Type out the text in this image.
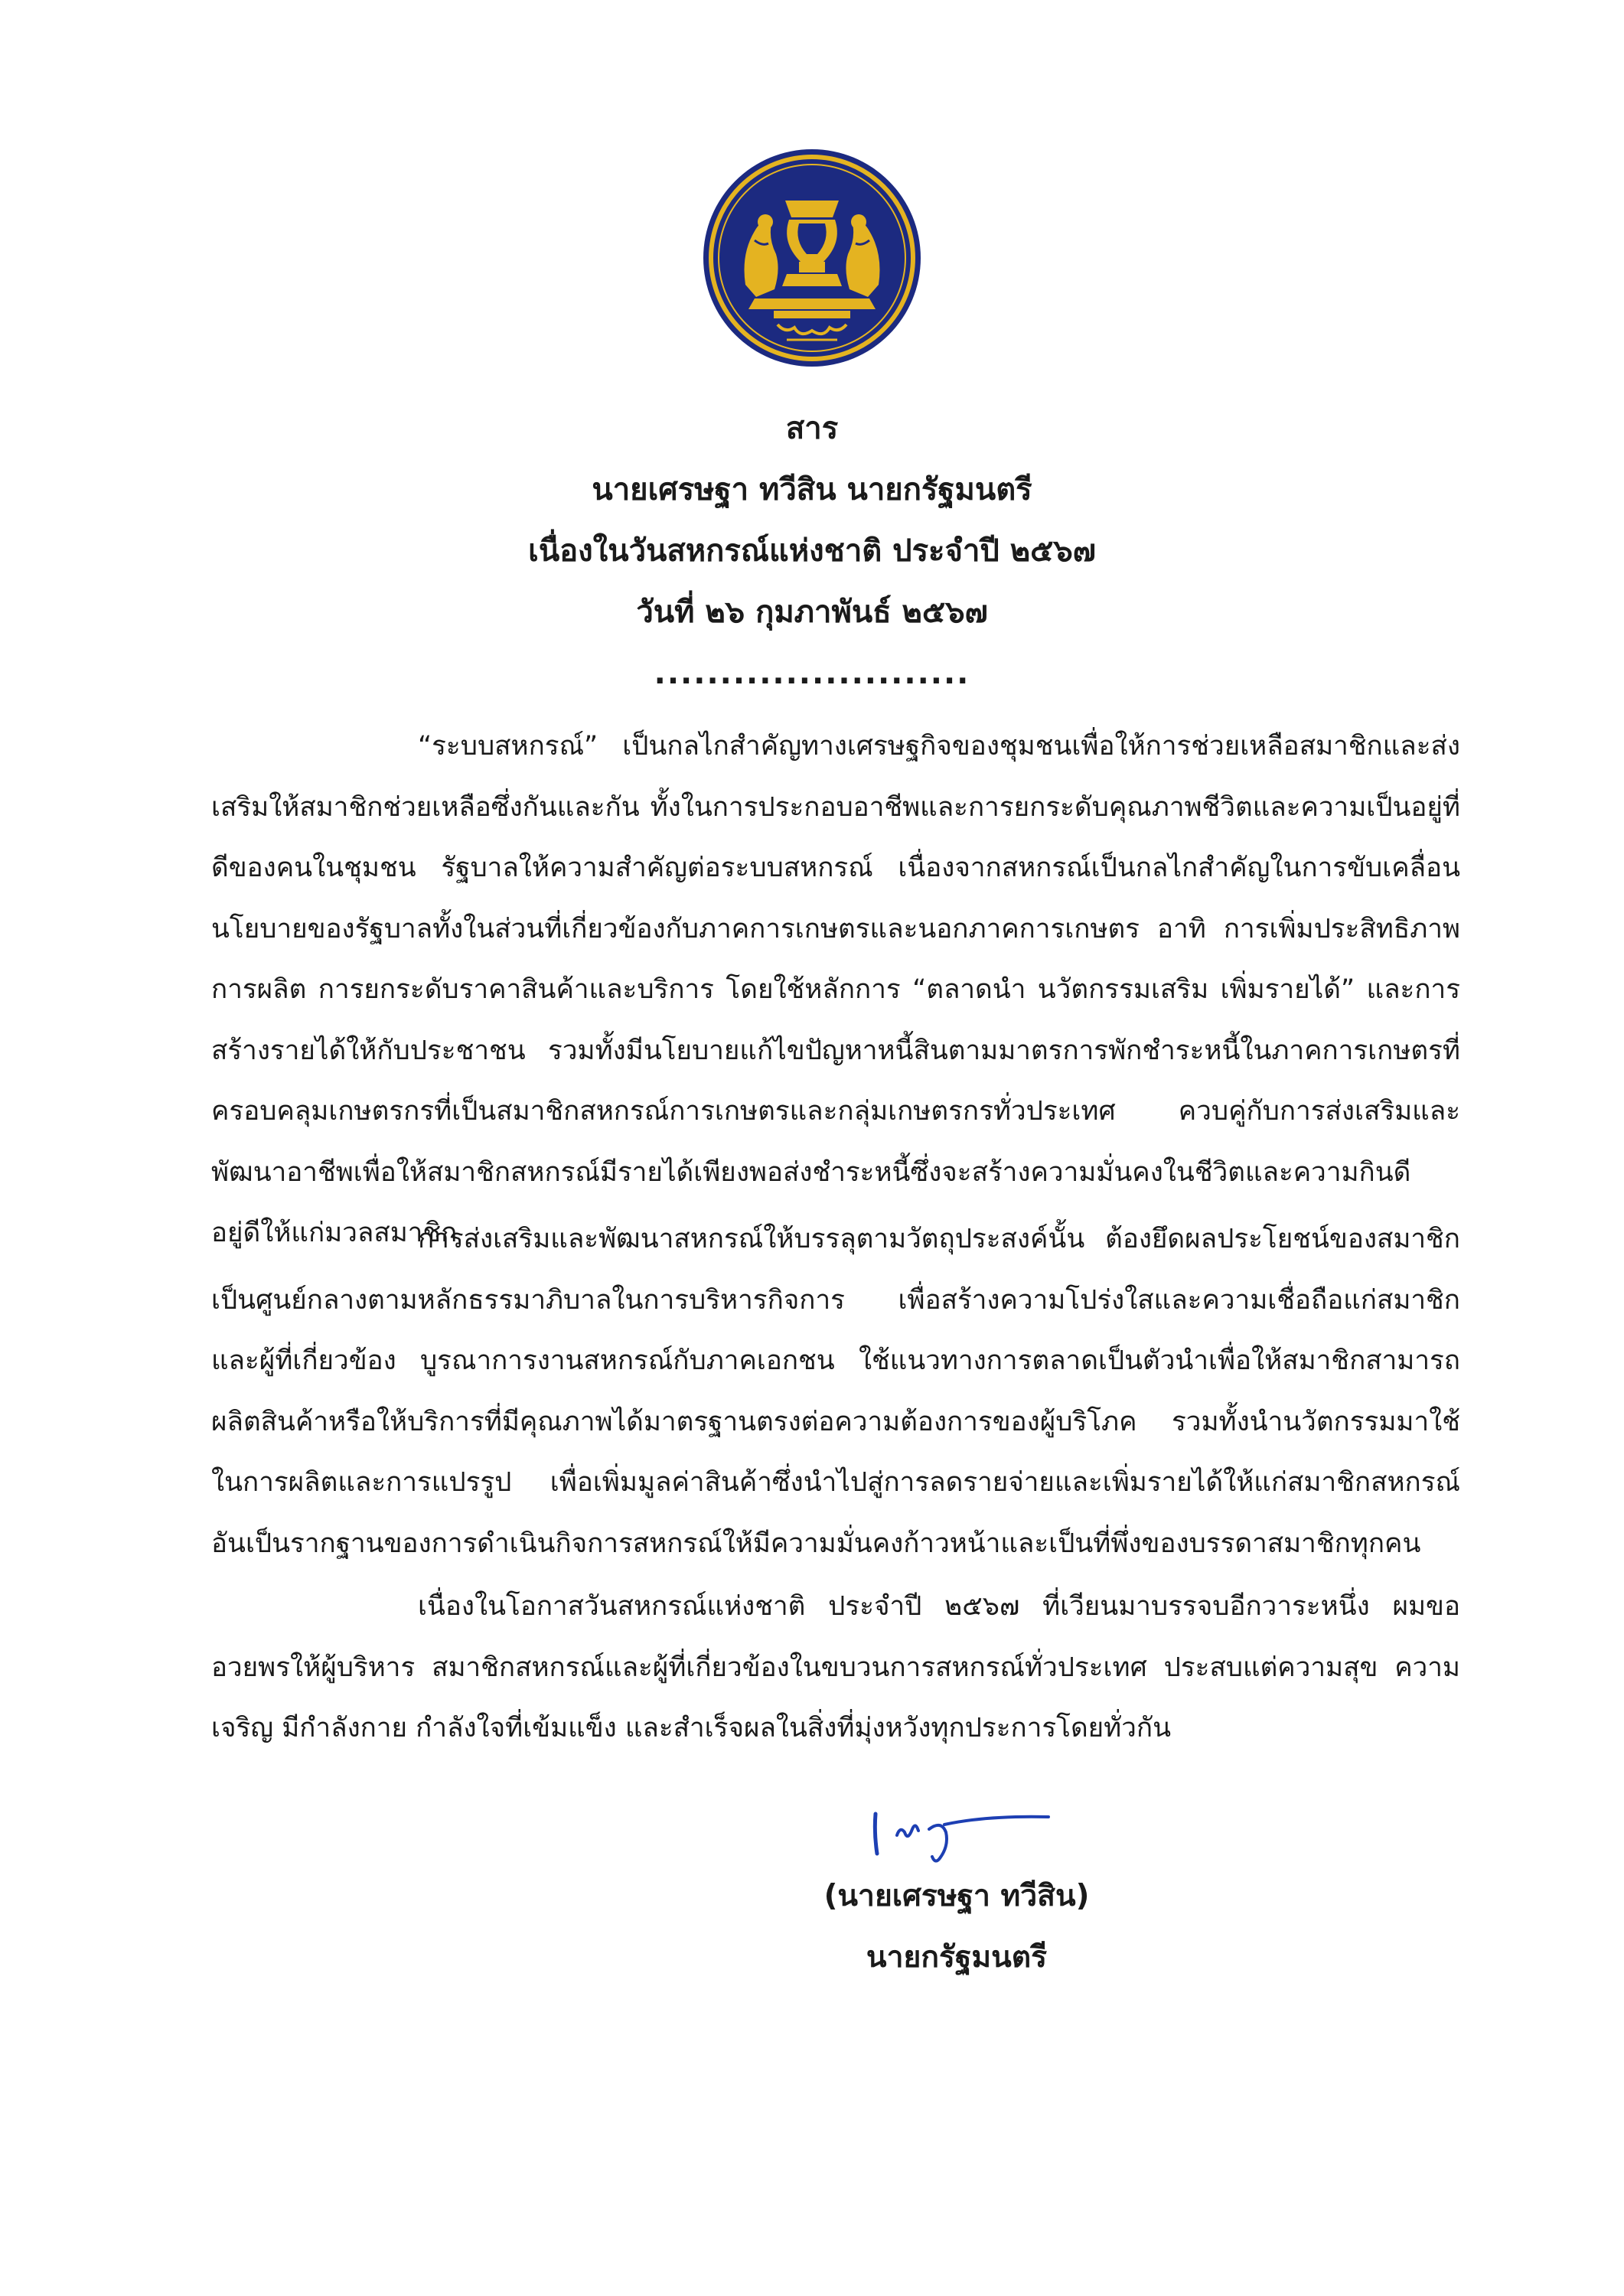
สาร
นายเศรษฐา ทวีสิน นายกรัฐมนตรี
เนื่องในวันสหกรณ์แห่งชาติ ประจำปี ๒๕๖๗
วันที่ ๒๖ กุมภาพันธ์ ๒๕๖๗
........................

“ระบบสหกรณ์” เป็นกลไกสำคัญทางเศรษฐกิจของชุมชนเพื่อให้การช่วยเหลือสมาชิกและส่งเสริมให้สมาชิกช่วยเหลือซึ่งกันและกัน ทั้งในการประกอบอาชีพและการยกระดับคุณภาพชีวิตและความเป็นอยู่ที่ดีของคนในชุมชน รัฐบาลให้ความสำคัญต่อระบบสหกรณ์ เนื่องจากสหกรณ์เป็นกลไกสำคัญในการขับเคลื่อนนโยบายของรัฐบาลทั้งในส่วนที่เกี่ยวข้องกับภาคการเกษตรและนอกภาคการเกษตร อาทิ การเพิ่มประสิทธิภาพการผลิต การยกระดับราคาสินค้าและบริการ โดยใช้หลักการ “ตลาดนำ นวัตกรรมเสริม เพิ่มรายได้” และการสร้างรายได้ให้กับประชาชน รวมทั้งมีนโยบายแก้ไขปัญหาหนี้สินตามมาตรการพักชำระหนี้ในภาคการเกษตรที่ครอบคลุมเกษตรกรที่เป็นสมาชิกสหกรณ์การเกษตรและกลุ่มเกษตรกรทั่วประเทศ ควบคู่กับการส่งเสริมและพัฒนาอาชีพเพื่อให้สมาชิกสหกรณ์มีรายได้เพียงพอส่งชำระหนี้ซึ่งจะสร้างความมั่นคงในชีวิตและความกินดี อยู่ดีให้แก่มวลสมาชิก

การส่งเสริมและพัฒนาสหกรณ์ให้บรรลุตามวัตถุประสงค์นั้น ต้องยึดผลประโยชน์ของสมาชิกเป็นศูนย์กลางตามหลักธรรมาภิบาลในการบริหารกิจการ เพื่อสร้างความโปร่งใสและความเชื่อถือแก่สมาชิกและผู้ที่เกี่ยวข้อง บูรณาการงานสหกรณ์กับภาคเอกชน ใช้แนวทางการตลาดเป็นตัวนำเพื่อให้สมาชิกสามารถผลิตสินค้าหรือให้บริการที่มีคุณภาพได้มาตรฐานตรงต่อความต้องการของผู้บริโภค รวมทั้งนำนวัตกรรมมาใช้ในการผลิตและการแปรรูป เพื่อเพิ่มมูลค่าสินค้าซึ่งนำไปสู่การลดรายจ่ายและเพิ่มรายได้ให้แก่สมาชิกสหกรณ์อันเป็นรากฐานของการดำเนินกิจการสหกรณ์ให้มีความมั่นคงก้าวหน้าและเป็นที่พึ่งของบรรดาสมาชิกทุกคน

เนื่องในโอกาสวันสหกรณ์แห่งชาติ ประจำปี ๒๕๖๗ ที่เวียนมาบรรจบอีกวาระหนึ่ง ผมขออวยพรให้ผู้บริหาร สมาชิกสหกรณ์และผู้ที่เกี่ยวข้องในขบวนการสหกรณ์ทั่วประเทศ ประสบแต่ความสุข ความเจริญ มีกำลังกาย กำลังใจที่เข้มแข็ง และสำเร็จผลในสิ่งที่มุ่งหวังทุกประการโดยทั่วกัน

(นายเศรษฐา ทวีสิน)
นายกรัฐมนตรี
